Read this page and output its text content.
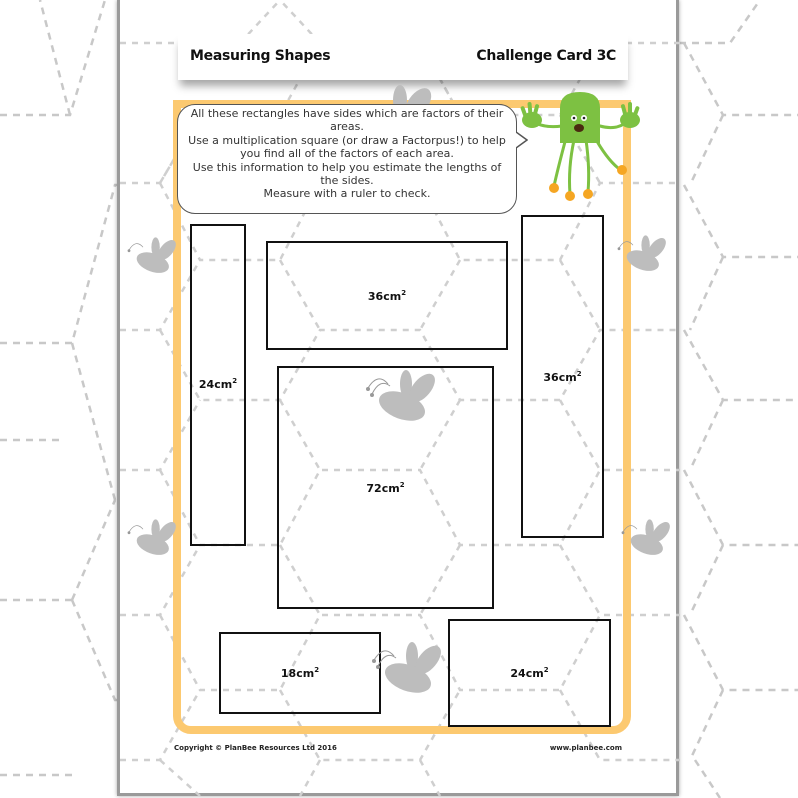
Measuring Shapes	Challenge Card 3C
All these rectangles have sides which are factors of their areas.
Use a multiplication square (or draw a Factorpus!) to help you find all of the factors of each area.
Use this information to help you estimate the lengths of the sides.
Measure with a ruler to check.
$24cm^2$
$36cm^2$
$36cm^2$
$72cm^2$
$18cm^2$	$24cm^2$
Copyright © PlanBee Resources Ltd 2016	www.planbee.com
